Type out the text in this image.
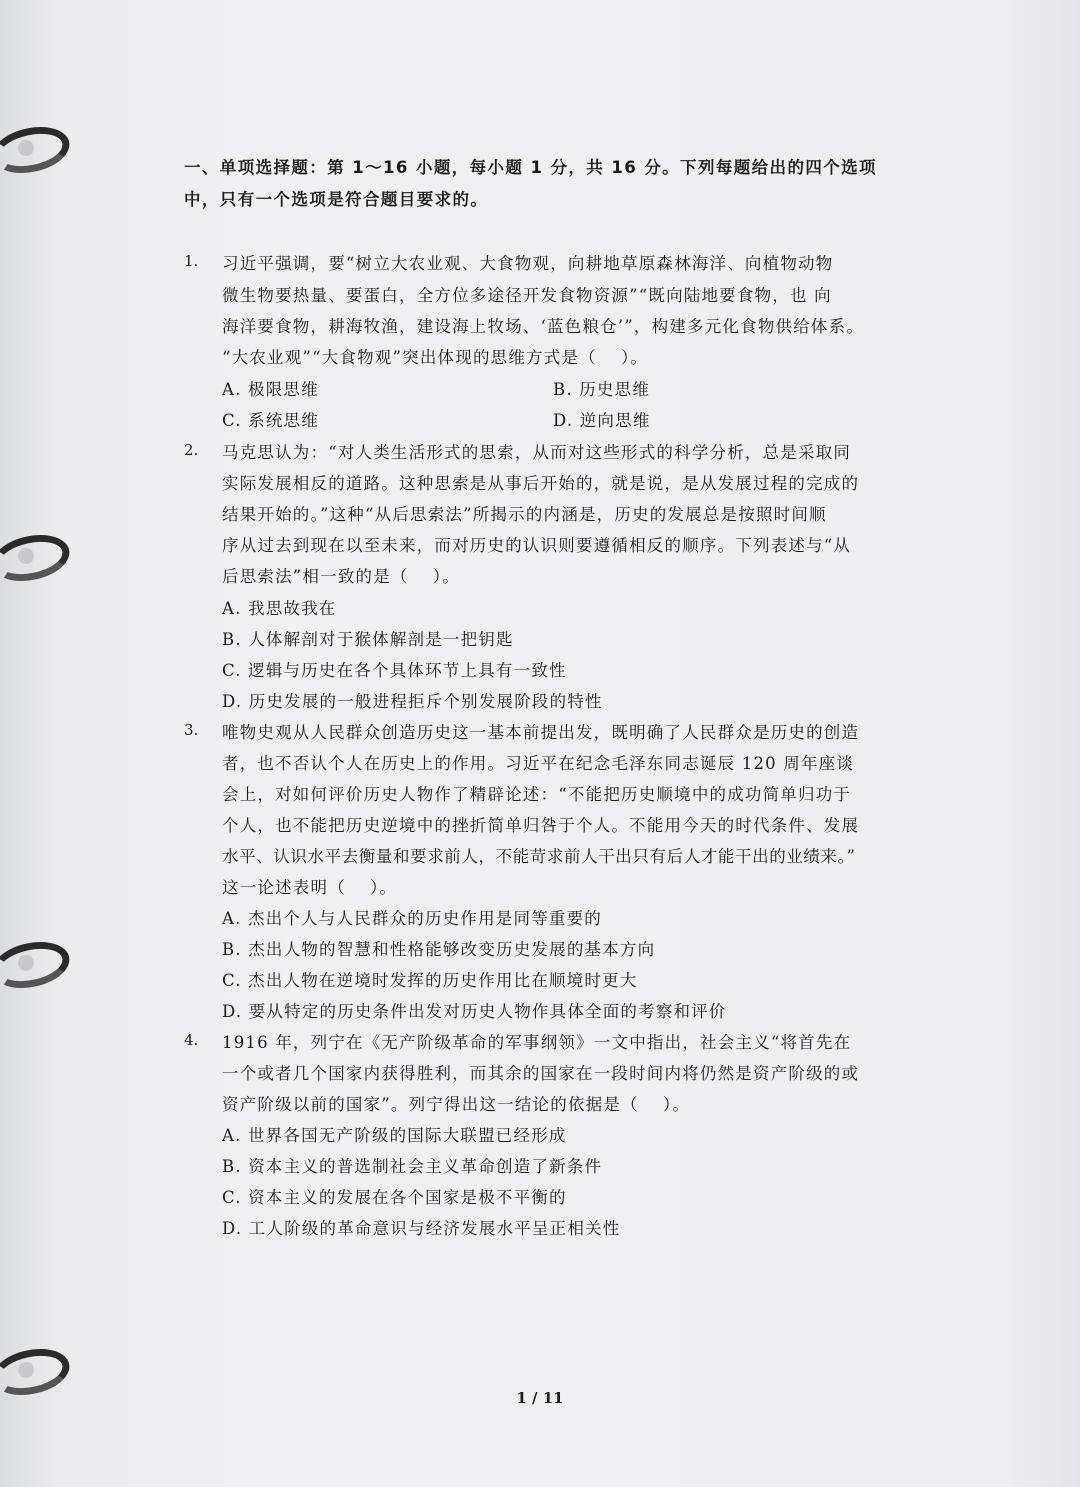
一、单项选择题：第 1～16 小题，每小题 1 分，共 16 分。下列每题给出的四个选项
中，只有一个选项是符合题目要求的。
1. 习近平强调，要“树立大农业观、大食物观，向耕地草原森林海洋、向植物动物
微生物要热量、要蛋白，全方位多途径开发食物资源”“既向陆地要食物，也 向
海洋要食物，耕海牧渔，建设海上牧场、‘蓝色粮仓’”，构建多元化食物供给体系。
“大农业观”“大食物观”突出体现的思维方式是（　 ）。
A. 极限思维	B. 历史思维
C. 系统思维	D. 逆向思维
2. 马克思认为：“对人类生活形式的思索，从而对这些形式的科学分析，总是采取同
实际发展相反的道路。这种思索是从事后开始的，就是说，是从发展过程的完成的
结果开始的。”这种“从后思索法”所揭示的内涵是，历史的发展总是按照时间顺
序从过去到现在以至未来，而对历史的认识则要遵循相反的顺序。下列表述与“从
后思索法”相一致的是（　 ）。
A. 我思故我在
B. 人体解剖对于猴体解剖是一把钥匙
C. 逻辑与历史在各个具体环节上具有一致性
D. 历史发展的一般进程拒斥个别发展阶段的特性
3. 唯物史观从人民群众创造历史这一基本前提出发，既明确了人民群众是历史的创造
者，也不否认个人在历史上的作用。习近平在纪念毛泽东同志诞辰 120 周年座谈
会上，对如何评价历史人物作了精辟论述：“不能把历史顺境中的成功简单归功于
个人，也不能把历史逆境中的挫折简单归咎于个人。不能用今天的时代条件、发展
水平、认识水平去衡量和要求前人，不能苛求前人干出只有后人才能干出的业绩来。”
这一论述表明（　 ）。
A. 杰出个人与人民群众的历史作用是同等重要的
B. 杰出人物的智慧和性格能够改变历史发展的基本方向
C. 杰出人物在逆境时发挥的历史作用比在顺境时更大
D. 要从特定的历史条件出发对历史人物作具体全面的考察和评价
4. 1916 年，列宁在《无产阶级革命的军事纲领》一文中指出，社会主义“将首先在
一个或者几个国家内获得胜利，而其余的国家在一段时间内将仍然是资产阶级的或
资产阶级以前的国家”。列宁得出这一结论的依据是（　 ）。
A. 世界各国无产阶级的国际大联盟已经形成
B. 资本主义的普选制社会主义革命创造了新条件
C. 资本主义的发展在各个国家是极不平衡的
D. 工人阶级的革命意识与经济发展水平呈正相关性
1 / 11
